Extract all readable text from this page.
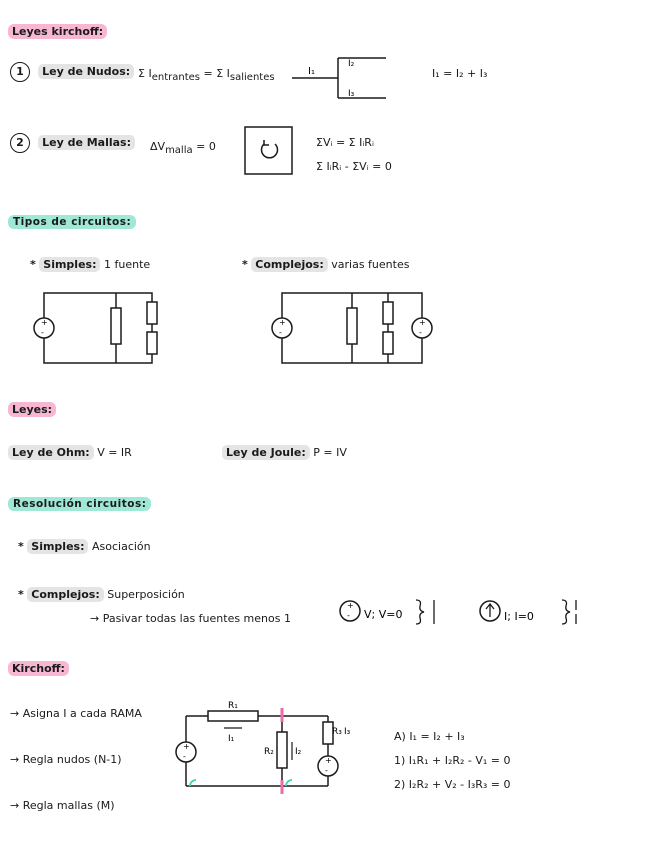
Leyes kirchoff:
1 Ley de Nudos: Σ $I_{entrantes} = \Sigma$ $I_{salientes}$
I₁
I₂
I₃
I₁ = I₂ + I₃
2 Ley de Mallas:	$\Delta V_{malla} = 0$	ΣVᵢ = Σ IᵢRᵢ
Σ IᵢRᵢ - ΣVᵢ = 0
Tipos de circuitos:
* Simples: 1 fuente	* Complejos: varias fuentes
+
-
+
-
+
-
Leyes:
Ley de Ohm: V = IR	Ley de Joule: P = IV
Resolución circuitos:
* Simples: Asociación
* Complejos: Superposición
→ Pasivar todas las fuentes menos 1
+
- V; V=0	I; I=0
Kirchoff:
→ Asigna I a cada RAMA
→ Regla nudos (N-1)
→ Regla mallas (M)
R₁
I₁
+
-	R₂ I₂
R₃ I₃
+
-
A) I₁ = I₂ + I₃
1) I₁R₁ + I₂R₂ - V₁ = 0
2) I₂R₂ + V₂ - I₃R₃ = 0
